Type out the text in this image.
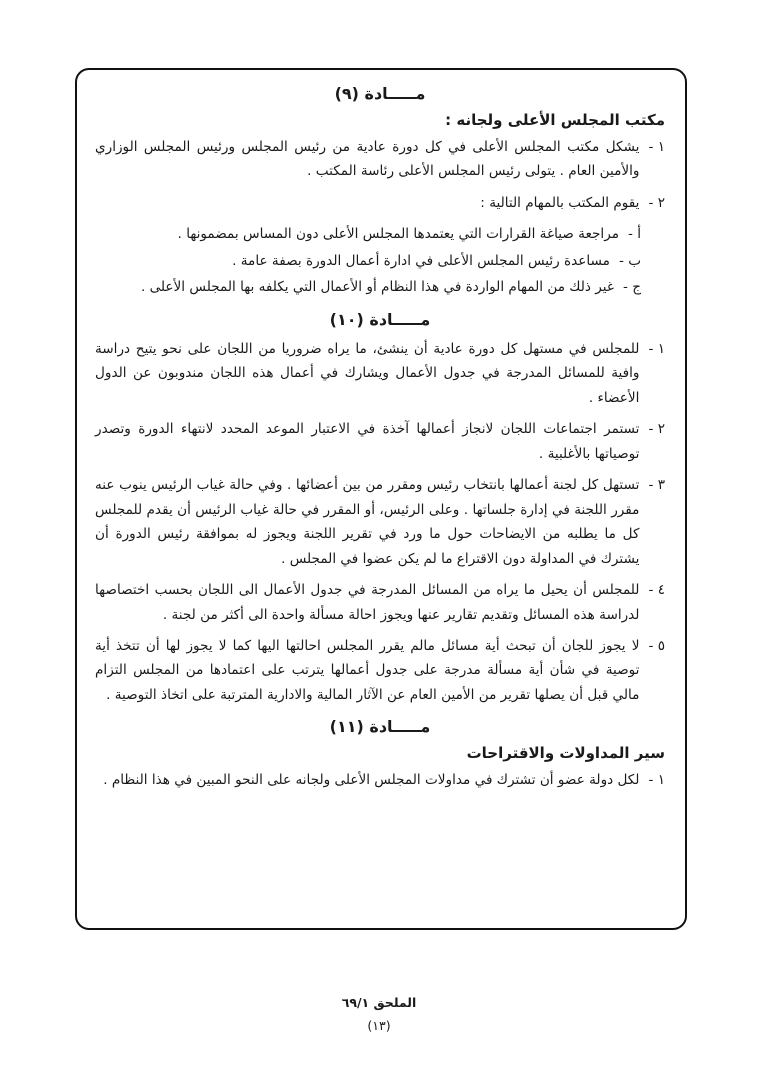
مـــــادة (٩)
مكتب المجلس الأعلى ولجانه :
١ -
يشكل مكتب المجلس الأعلى في كل دورة عادية من رئيس المجلس ورئيس المجلس الوزاري والأمين العام . يتولى رئيس المجلس الأعلى رئاسة المكتب .
٢ -
يقوم المكتب بالمهام التالية :
أ -
مراجعة صياغة القرارات التي يعتمدها المجلس الأعلى دون المساس بمضمونها .
ب -
مساعدة رئيس المجلس الأعلى في ادارة أعمال الدورة بصفة عامة .
ج -
غير ذلك من المهام الواردة في هذا النظام أو الأعمال التي يكلفه بها المجلس الأعلى .
مـــــادة (١٠)
١ -
للمجلس في مستهل كل دورة عادية أن ينشئ، ما يراه ضروريا من اللجان على نحو يتيح دراسة وافية للمسائل المدرجة في جدول الأعمال ويشارك في أعمال هذه اللجان مندوبون عن الدول الأعضاء .
٢ -
تستمر اجتماعات اللجان لانجاز أعمالها آخذة في الاعتبار الموعد المحدد لانتهاء الدورة وتصدر توصياتها بالأغلبية .
٣ -
تستهل كل لجنة أعمالها بانتخاب رئيس ومقرر من بين أعضائها . وفي حالة غياب الرئيس ينوب عنه مقرر اللجنة في إدارة جلساتها . وعلى الرئيس، أو المقرر في حالة غياب الرئيس أن يقدم للمجلس كل ما يطلبه من الايضاحات حول ما ورد في تقرير اللجنة ويجوز له بموافقة رئيس الدورة أن يشترك في المداولة دون الاقتراع ما لم يكن عضوا في المجلس .
٤ -
للمجلس أن يحيل ما يراه من المسائل المدرجة في جدول الأعمال الى اللجان بحسب اختصاصها لدراسة هذه المسائل وتقديم تقارير عنها ويجوز احالة مسألة واحدة الى أكثر من لجنة .
٥ -
لا يجوز للجان أن تبحث أية مسائل مالم يقرر المجلس احالتها اليها كما لا يجوز لها أن تتخذ أية توصية في شأن أية مسألة مدرجة على جدول أعمالها يترتب على اعتمادها من المجلس التزام مالي قبل أن يصلها تقرير من الأمين العام عن الآثار المالية والادارية المترتبة على اتخاذ التوصية .
مـــــادة (١١)
سير المداولات والاقتراحات
١ -
لكل دولة عضو أن تشترك في مداولات المجلس الأعلى ولجانه على النحو المبين في هذا النظام .
الملحق ٦٩/١
(١٣)
